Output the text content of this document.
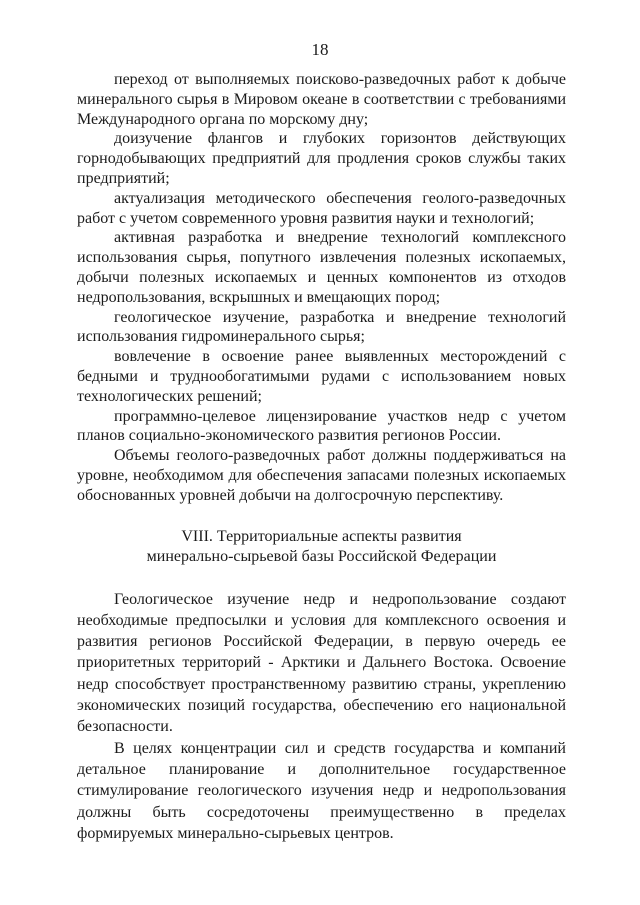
18

переход от выполняемых поисково-разведочных работ к добыче минерального сырья в Мировом океане в соответствии с требованиями Международного органа по морскому дну;

доизучение флангов и глубоких горизонтов действующих горнодобывающих предприятий для продления сроков службы таких предприятий;

актуализация методического обеспечения геолого-разведочных работ с учетом современного уровня развития науки и технологий;

активная разработка и внедрение технологий комплексного использования сырья, попутного извлечения полезных ископаемых, добычи полезных ископаемых и ценных компонентов из отходов недропользования, вскрышных и вмещающих пород;

геологическое изучение, разработка и внедрение технологий использования гидроминерального сырья;

вовлечение в освоение ранее выявленных месторождений с бедными и труднообогатимыми рудами с использованием новых технологических решений;

программно-целевое лицензирование участков недр с учетом планов социально-экономического развития регионов России.

Объемы геолого-разведочных работ должны поддерживаться на уровне, необходимом для обеспечения запасами полезных ископаемых обоснованных уровней добычи на долгосрочную перспективу.

VIII. Территориальные аспекты развития
минерально-сырьевой базы Российской Федерации

Геологическое изучение недр и недропользование создают необходимые предпосылки и условия для комплексного освоения и развития регионов Российской Федерации, в первую очередь ее приоритетных территорий - Арктики и Дальнего Востока. Освоение недр способствует пространственному развитию страны, укреплению экономических позиций государства, обеспечению его национальной безопасности.

В целях концентрации сил и средств государства и компаний детальное планирование и дополнительное государственное стимулирование геологического изучения недр и недропользования должны быть сосредоточены преимущественно в пределах формируемых минерально-сырьевых центров.
